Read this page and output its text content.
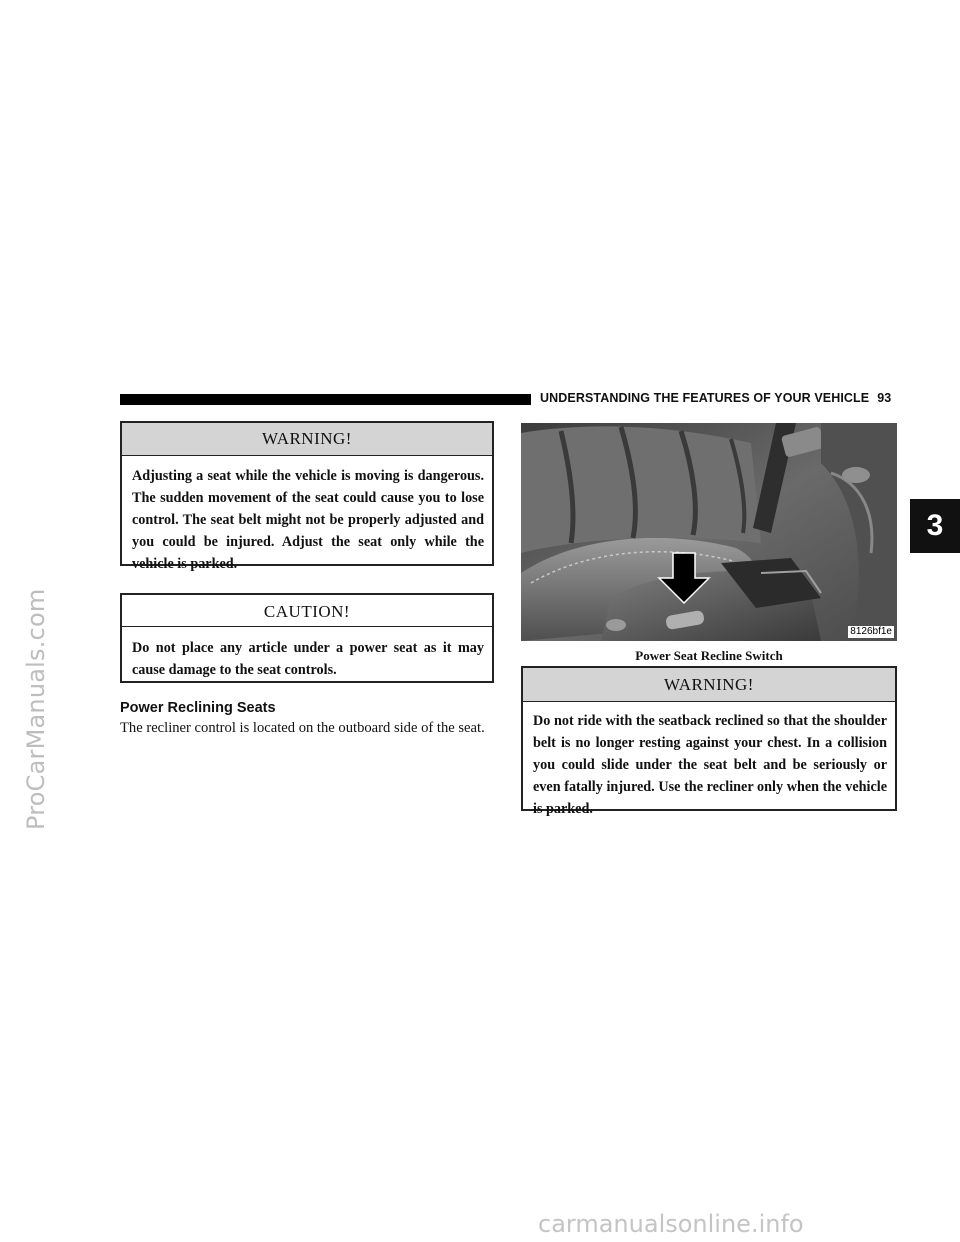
ProCarManuals.com
carmanualsonline.info
UNDERSTANDING THE FEATURES OF YOUR VEHICLE 93
3
WARNING!
Adjusting a seat while the vehicle is moving is dangerous. The sudden movement of the seat could cause you to lose control. The seat belt might not be properly adjusted and you could be injured. Adjust the seat only while the vehicle is parked.
CAUTION!
Do not place any article under a power seat as it may cause damage to the seat controls.
Power Reclining Seats
The recliner control is located on the outboard side of the seat.
8126bf1e
Power Seat Recline Switch
WARNING!
Do not ride with the seatback reclined so that the shoulder belt is no longer resting against your chest. In a collision you could slide under the seat belt and be seriously or even fatally injured. Use the recliner only when the vehicle is parked.
